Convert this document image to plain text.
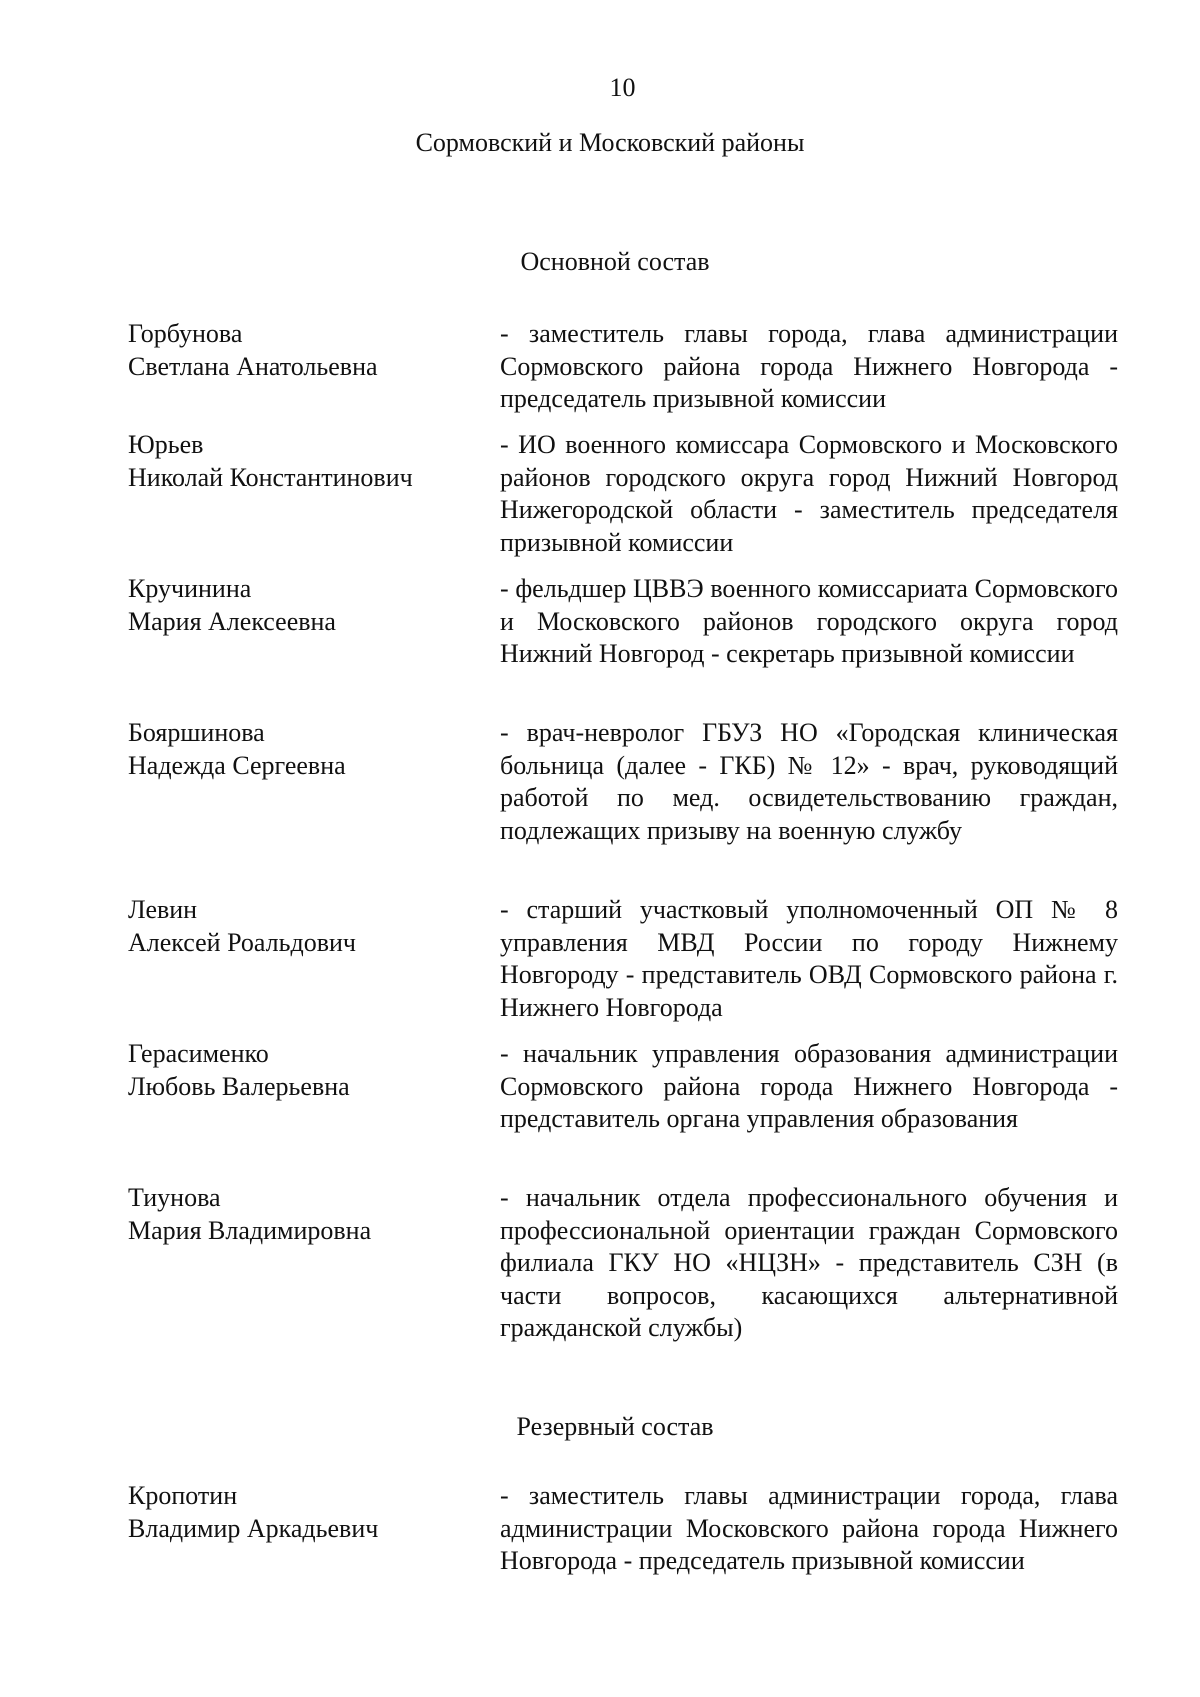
10
Сормовский и Московский районы
Основной состав
Горбунова
Светлана Анатольевна
- заместитель главы города, глава администрации Сормовского района города Нижнего Новгорода - председатель призывной комиссии
Юрьев
Николай Константинович
- ИО военного комиссара Сормовского и Московского районов городского округа город Нижний Новгород Нижегородской области - заместитель председателя призывной комиссии
Кручинина
Мария Алексеевна
- фельдшер ЦВВЭ военного комиссариата Сормовского и Московского районов городского округа город Нижний Новгород - секретарь призывной комиссии
Бояршинова
Надежда Сергеевна
- врач-невролог ГБУЗ НО «Городская клиническая больница (далее - ГКБ) № 12» - врач, руководящий работой по мед. освидетельствованию граждан, подлежащих призыву на военную службу
Левин
Алексей Роальдович
- старший участковый уполномоченный ОП № 8 управления МВД России по городу Нижнему Новгороду - представитель ОВД Сормовского района г. Нижнего Новгорода
Герасименко
Любовь Валерьевна
- начальник управления образования администрации Сормовского района города Нижнего Новгорода - представитель органа управления образования
Тиунова
Мария Владимировна
- начальник отдела профессионального обучения и профессиональной ориентации граждан Сормовского филиала ГКУ НО «НЦЗН» - представитель СЗН (в части вопросов, касающихся альтернативной гражданской службы)
Резервный состав
Кропотин
Владимир Аркадьевич
- заместитель главы администрации города, глава администрации Московского района города Нижнего Новгорода - председатель призывной комиссии
